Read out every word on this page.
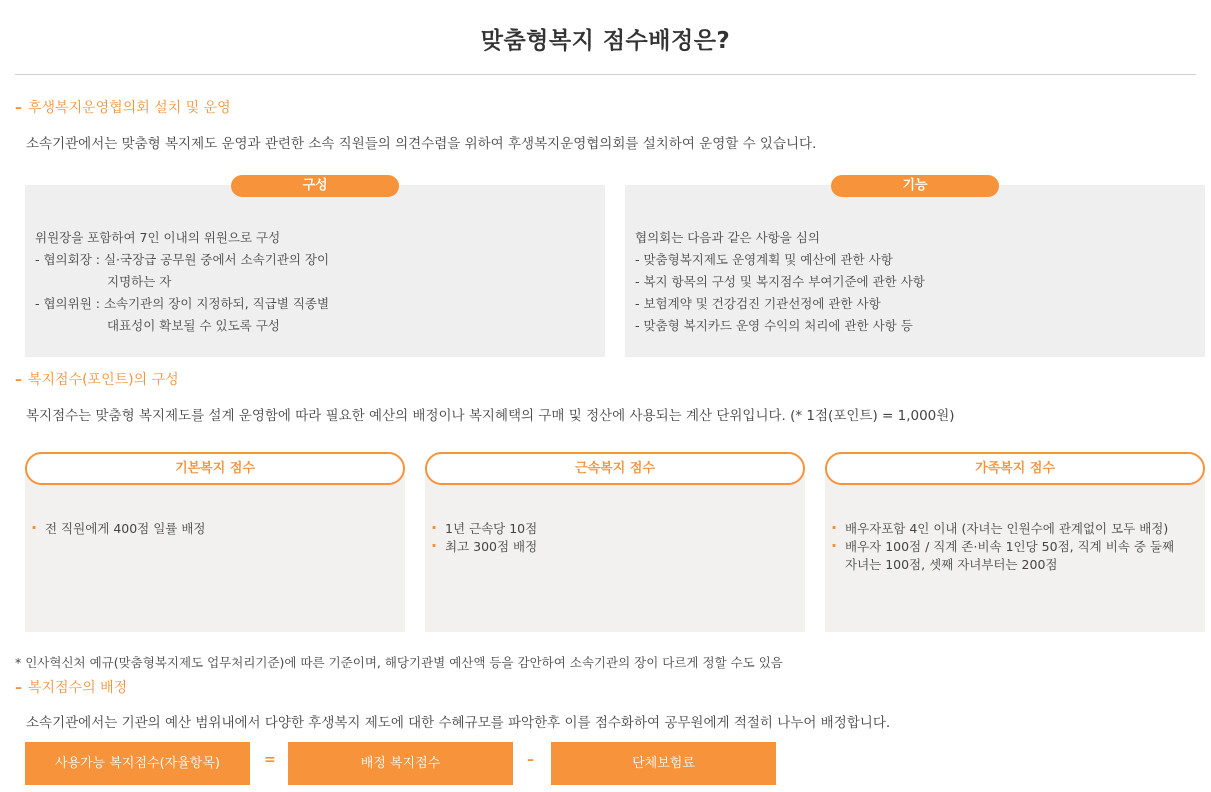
맞춤형복지 점수배정은?
– 후생복지운영협의회 설치 및 운영
소속기관에서는 맞춤형 복지제도 운영과 관련한 소속 직원들의 의견수렴을 위하여 후생복지운영협의회를 설치하여 운영할 수 있습니다.
구성
위원장을 포함하여 7인 이내의 위원으로 구성
- 협의회장 : 실·국장급 공무원 중에서 소속기관의 장이
지명하는 자
- 협의위원 : 소속기관의 장이 지정하되, 직급별 직종별
대표성이 확보될 수 있도록 구성
기능
협의회는 다음과 같은 사항을 심의
- 맞춤형복지제도 운영계획 및 예산에 관한 사항
- 복지 항목의 구성 및 복지점수 부여기준에 관한 사항
- 보험계약 및 건강검진 기관선정에 관한 사항
- 맞춤형 복지카드 운영 수익의 처리에 관한 사항 등
– 복지점수(포인트)의 구성
복지점수는 맞춤형 복지제도를 설계 운영함에 따라 필요한 예산의 배정이나 복지혜택의 구매 및 정산에 사용되는 계산 단위입니다. (* 1점(포인트) = 1,000원)
기본복지 점수
· 전 직원에게 400점 일률 배정
근속복지 점수
· 1년 근속당 10점
· 최고 300점 배정
가족복지 점수
· 배우자포함 4인 이내 (자녀는 인원수에 관계없이 모두 배정)
· 배우자 100점 / 직계 존·비속 1인당 50점, 직계 비속 중 둘째 자녀는 100점, 셋째 자녀부터는 200점
* 인사혁신처 예규(맞춤형복지제도 업무처리기준)에 따른 기준이며, 해당기관별 예산액 등을 감안하여 소속기관의 장이 다르게 정할 수도 있음
– 복지점수의 배정
소속기관에서는 기관의 예산 범위내에서 다양한 후생복지 제도에 대한 수혜규모를 파악한후 이를 점수화하여 공무원에게 적절히 나누어 배정합니다.
사용가능 복지점수(자율항목)	=	배정 복지점수	–	단체보험료
